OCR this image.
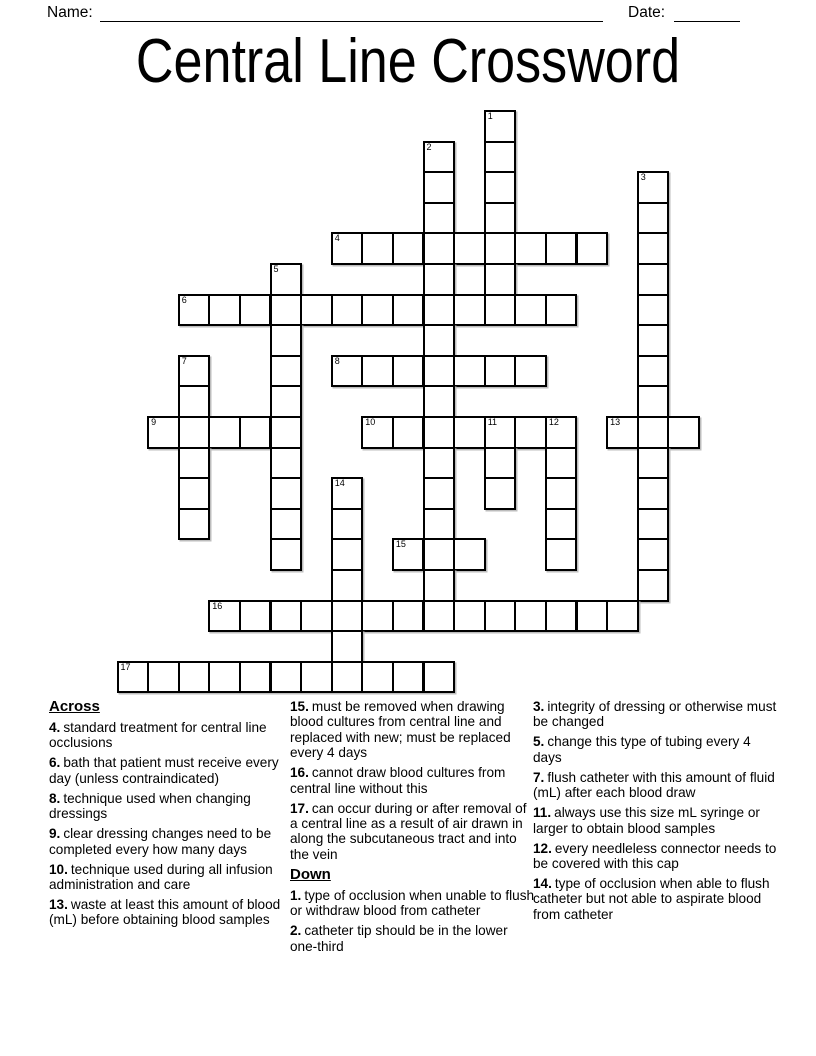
Name:	Date:
Central Line Crossword
1
2
3
4
5
6
7	8
9	10	11	12	13
14
15
16
17
Across
4. standard treatment for central line occlusions
6. bath that patient must receive every day (unless contraindicated)
8. technique used when changing dressings
9. clear dressing changes need to be completed every how many days
10. technique used during all infusion administration and care
13. waste at least this amount of blood (mL) before obtaining blood samples
15. must be removed when drawing blood cultures from central line and replaced with new; must be replaced every 4 days
16. cannot draw blood cultures from central line without this
17. can occur during or after removal of a central line as a result of air drawn in along the subcutaneous tract and into the vein
Down
1. type of occlusion when unable to flush or withdraw blood from catheter
2. catheter tip should be in the lower one-third
3. integrity of dressing or otherwise must be changed
5. change this type of tubing every 4 days
7. flush catheter with this amount of fluid (mL) after each blood draw
11. always use this size mL syringe or larger to obtain blood samples
12. every needleless connector needs to be covered with this cap
14. type of occlusion when able to flush catheter but not able to aspirate blood from catheter
